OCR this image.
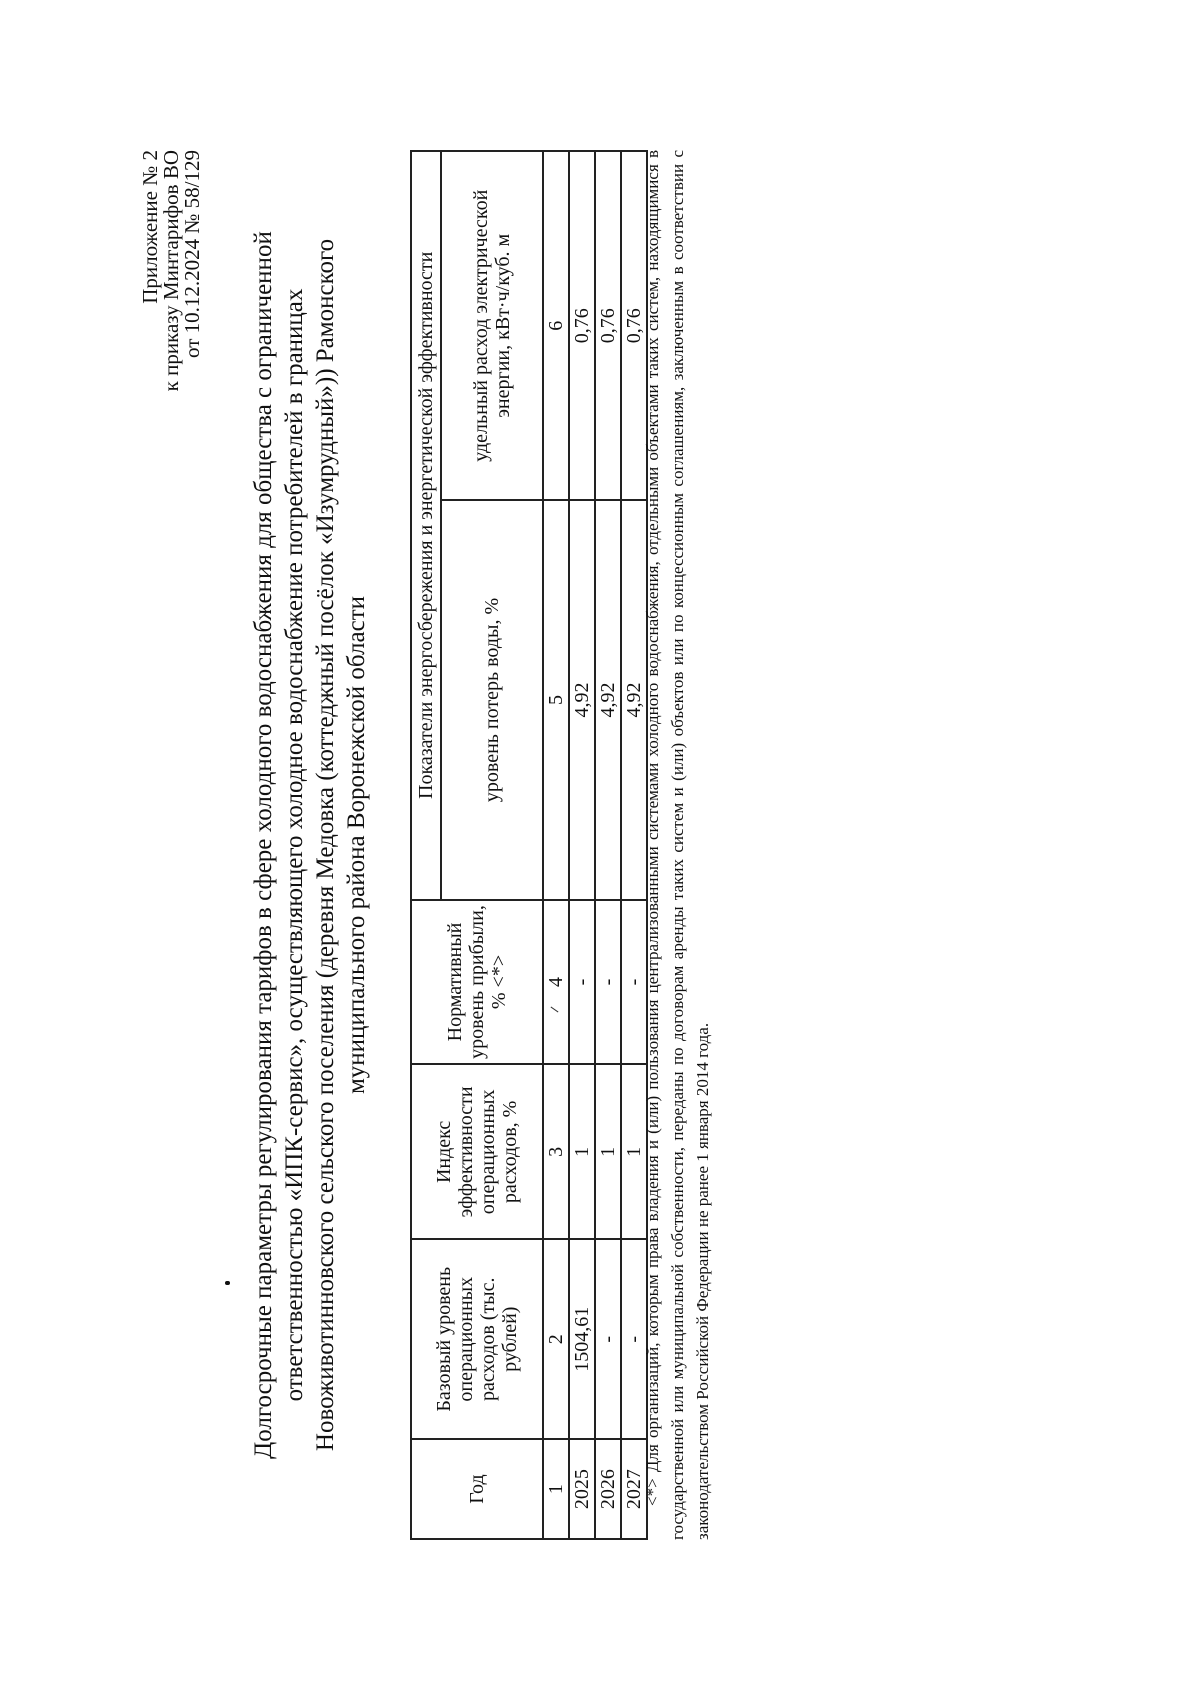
Приложение № 2
к приказу Минтарифов ВО
от 10.12.2024 № 58/129 Долгосрочные параметры регулирования тарифов в сфере холодного водоснабжения для общества с ограниченной ответственностью «ИПК-сервис», осуществляющего холодное водоснабжение потребителей в границах Новоживотинновского сельского поселения (деревня Медовка (коттеджный посёлок «Изумрудный»)) Рамонского муниципального района Воронежской области
Год	Базовый уровень операционных расходов (тыс. рублей)	Индекс эффективности операционных расходов, %	Нормативный уровень прибыли, % <*>	Показатели энергосбережения и энергетической эффективности	
				уровень потерь воды, %	удельный расход электрической энергии, кВт·ч/куб. м
1	2	3	4	5	6
2025	1504,61	1	-	4,92	0,76
2026	-	1	-	4,92	0,76
2027	-	1	-	4,92	0,76
<*> Для организаций, которым права владения и (или) пользования централизованными системами холодного водоснабжения, отдельными объектами таких систем, находящимися в государственной или муниципальной собственности, переданы по договорам аренды таких систем и (или) объектов или по концессионным соглашениям, заключенным в соответствии с законодательством Российской Федерации не ранее 1 января 2014 года.
